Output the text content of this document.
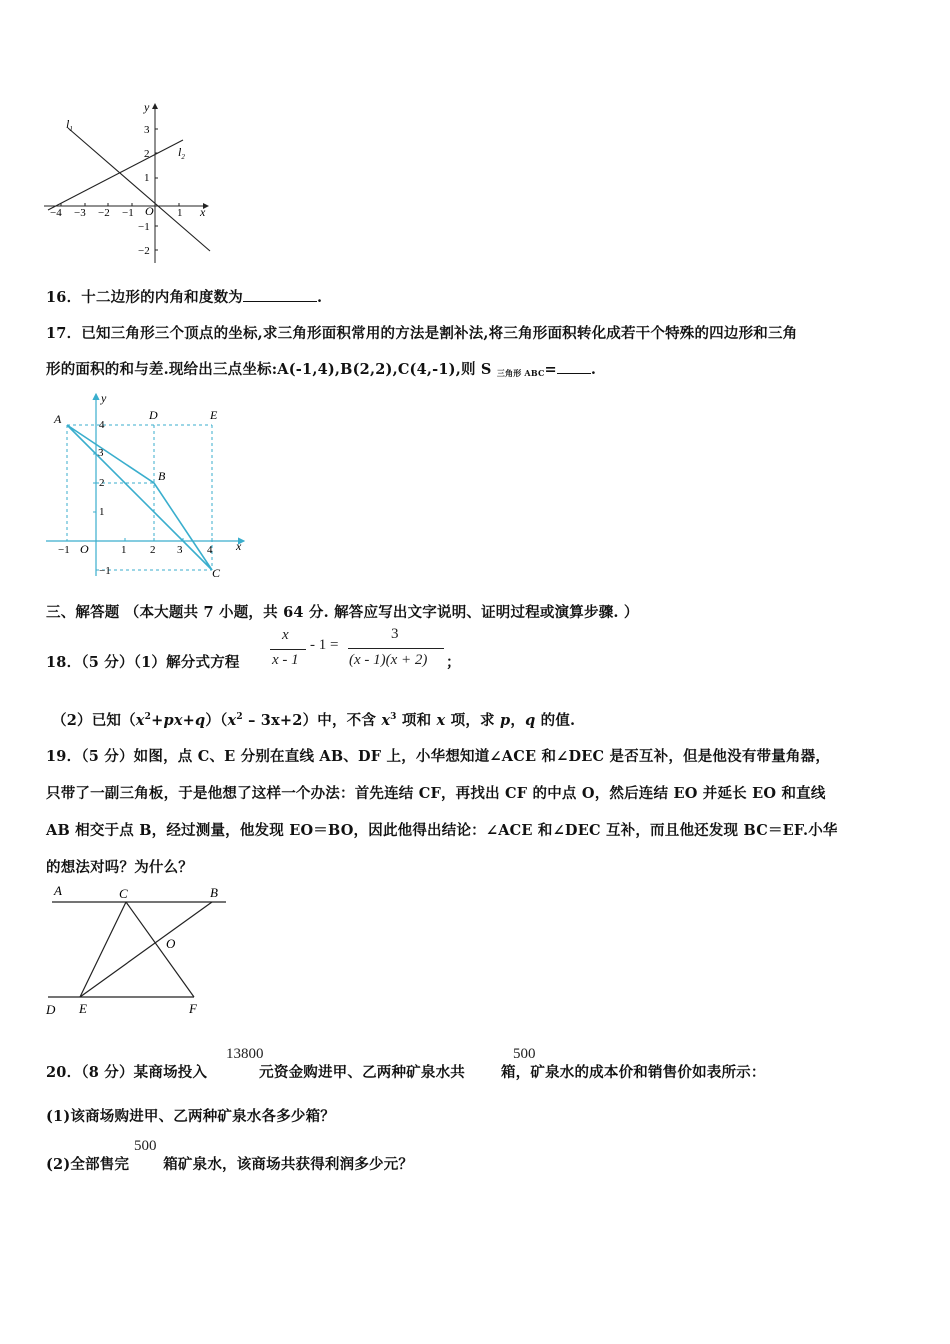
y
x
O
$l_1$
$l_2$
3
2
1
−1
−2
−4 −3 −2 −1	1
16．十二边形的内角和度数为	.
17．已知三角形三个顶点的坐标,求三角形面积常用的方法是割补法,将三角形面积转化成若干个特殊的四边形和三角
形的面积的和与差.现给出三点坐标:A(-1,4),B(2,2),C(4,-1),则 S $_{三角形 ABC}$= .
y
x
O
A
B
C
D	E
4
3
2
1
−1
−1	1 2 3 4
三、解答题 （本大题共 7 小题，共 64 分. 解答应写出文字说明、证明过程或演算步骤. ）
18．（5 分）（1）解分式方程
x
x - 1
- 1 =
3
(x - 1)(x + 2) ；
（2）已知$(x^2+px+q)(x^2 - 3x+2)$中，不含 $x^3$ 项和 x 项，求 p，q 的值.
19．（5 分）如图，点 C、E 分别在直线 AB、DF 上，小华想知道∠ACE 和∠DEC 是否互补，但是他没有带量角器，
只带了一副三角板，于是他想了这样一个办法：首先连结 CF，再找出 CF 的中点 O，然后连结 EO 并延长 EO 和直线
AB 相交于点 B，经过测量，他发现 EO＝BO，因此他得出结论：∠ACE 和∠DEC 互补，而且他还发现 BC＝EF.小华
的想法对吗？为什么？
A	C	B
O
D E	F
20．（8 分）某商场投入	元资金购进甲、乙两种矿泉水共 箱，矿泉水的成本价和销售价如表所示：
13800	500
(1)该商场购进甲、乙两种矿泉水各多少箱？
(2)全部售完 箱矿泉水，该商场共获得利润多少元？
500
